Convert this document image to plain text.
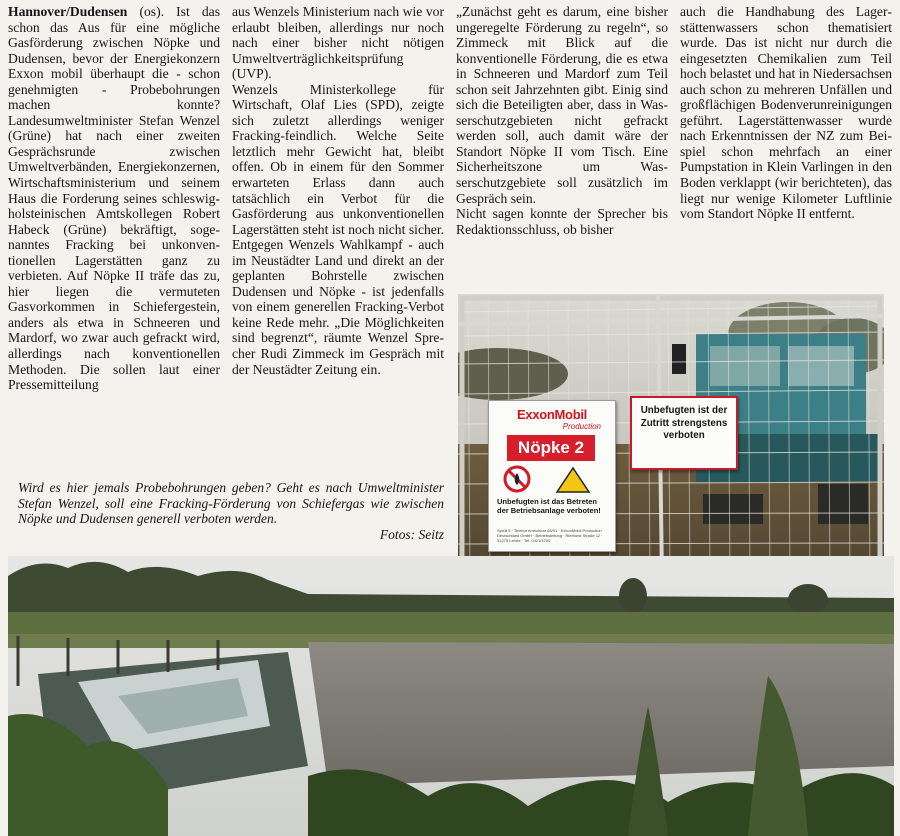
Hannover/Dudensen (os). Ist das schon das Aus für eine mögliche Gasförderung zwischen Nöpke und Dudensen, bevor der Energiekonzern Exxon mobil überhaupt die - schon genehmigten - Probebohrungen machen konnte? Landesumweltminister Stefan Wenzel (Grüne) hat nach einer zweiten Gesprächsrunde zwischen Umweltverbänden, Energiekonzernen, Wirtschaftsministerium und seinem Haus die Forderung seines schleswig-holsteinischen Amtskollegen Robert Habeck (Grüne) bekräftigt, sogenanntes Fracking bei unkonventionellen Lagerstätten ganz zu verbieten. Auf Nöpke II träfe das zu, hier liegen die vermuteten Gasvorkommen in Schiefergestein, anders als etwa in Schneeren und Mardorf, wo zwar auch gefrackt wird, allerdings nach konventionellen Methoden. Die sollen laut einer Pressemitteilung

aus Wenzels Ministerium nach wie vor erlaubt bleiben, allerdings nur noch nach einer bisher nicht nötigen Umweltverträglichkeitsprüfung (UVP).

Wenzels Ministerkollege für Wirtschaft, Olaf Lies (SPD), zeigte sich zuletzt allerdings weniger Fracking-feindlich. Welche Seite letztlich mehr Gewicht hat, bleibt offen. Ob in einem für den Sommer erwarteten Erlass dann auch tatsächlich ein Verbot für die Gasförderung aus unkonventionellen Lagerstätten steht ist noch nicht sicher. Entgegen Wenzels Wahlkampf - auch im Neustädter Land und direkt an der geplanten Bohrstelle zwischen Dudensen und Nöpke - ist jedenfalls von einem generellen Fracking-Verbot keine Rede mehr. „Die Möglichkeiten sind begrenzt“, räumte Wenzel Sprecher Rudi Zimmeck im Gespräch mit der Neustädter Zeitung ein.

„Zunächst geht es darum, eine bisher ungeregelte Förderung zu regeln“, so Zimmeck mit Blick auf die konventionelle Förderung, die es etwa in Schneeren und Mardorf zum Teil schon seit Jahrzehnten gibt. Einig sind sich die Beteiligten aber, dass in Wasserschutzgebieten nicht gefrackt werden soll, auch damit wäre der Standort Nöpke II vom Tisch. Eine Sicherheitszone um Wasserschutzgebiete soll zusätzlich im Gespräch sein.

Nicht sagen konnte der Sprecher bis Redaktionsschluss, ob bisher

auch die Handhabung des Lagerstättenwassers schon thematisiert wurde. Das ist nicht nur durch die eingesetzten Chemikalien zum Teil hoch belastet und hat in Niedersachsen auch schon zu mehreren Unfällen und großflächigen Bodenverunreinigungen geführt. Lagerstättenwasser wurde nach Erkenntnissen der NZ zum Beispiel schon mehrfach an einer Pumpstation in Klein Varlingen in den Boden verklappt (wir berichteten), das liegt nur wenige Kilometer Luftlinie vom Standort Nöpke II entfernt.

ExxonMobil
Production
Nöpke 2
Unbefugten ist das Betreten der Betriebsanlage verboten!
Sprüll 5 · Telefon erreichbar 08/01 · ExxonMobil Production Deutschland GmbH · Betriebsleitung · Riethorst Straße 12 · 31275 Lehrte · Tel. 0421/4700
Unbefugten ist der Zutritt strengstens verboten

Wird es hier jemals Probebohrungen geben? Geht es nach Umweltminister Stefan Wenzel, soll eine Fracking-Förderung von Schiefergas wie zwischen Nöpke und Dudensen generell verboten werden.
Fotos: Seitz
